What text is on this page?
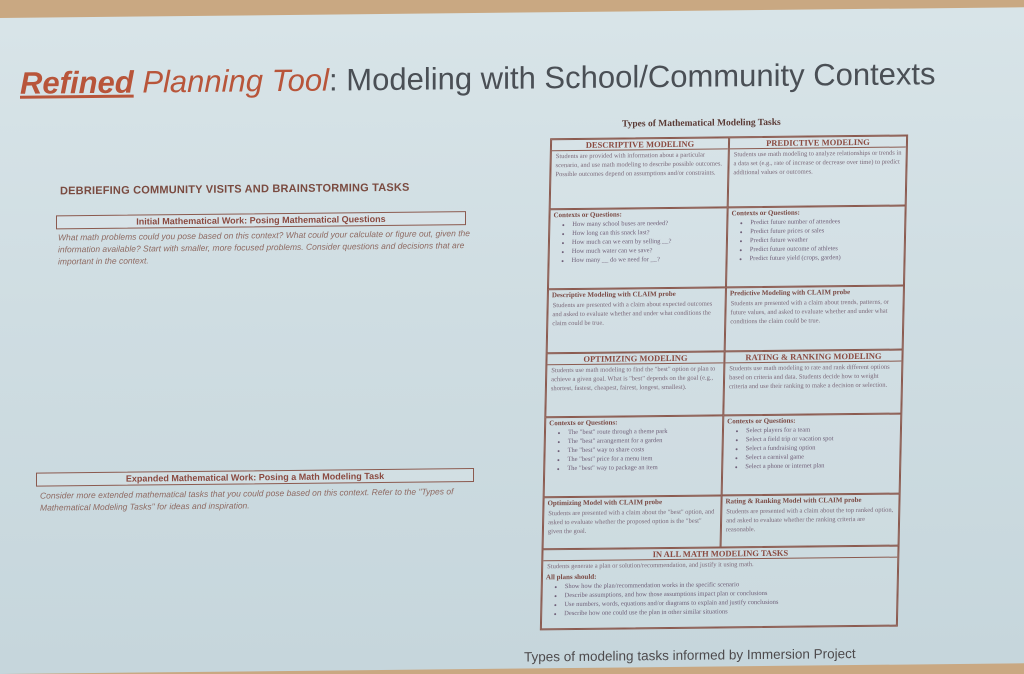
Refined Planning Tool: Modeling with School/Community Contexts
DEBRIEFING COMMUNITY VISITS AND BRAINSTORMING TASKS
Initial Mathematical Work: Posing Mathematical Questions
What math problems could you pose based on this context? What could your calculate or figure out, given the information available? Start with smaller, more focused problems. Consider questions and decisions that are important in the context.
Expanded Mathematical Work: Posing a Math Modeling Task
Consider more extended mathematical tasks that you could pose based on this context. Refer to the "Types of Mathematical Modeling Tasks" for ideas and inspiration.
Types of Mathematical Modeling Tasks
DESCRIPTIVE MODELING
Students are provided with information about a particular scenario, and use math modeling to describe possible outcomes. Possible outcomes depend on assumptions and/or constraints.
PREDICTIVE MODELING
Students use math modeling to analyze relationships or trends in a data set (e.g., rate of increase or decrease over time) to predict additional values or outcomes.
Contexts or Questions:
• How many school buses are needed?
• How long can this snack last?
• How much can we earn by selling __?
• How much water can we save?
• How many __ do we need for __?
Contexts or Questions:
• Predict future number of attendees
• Predict future prices or sales
• Predict future weather
• Predict future outcome of athletes
• Predict future yield (crops, garden)
Descriptive Modeling with CLAIM probe
Students are presented with a claim about expected outcomes and asked to evaluate whether and under what conditions the claim could be true.
Predictive Modeling with CLAIM probe
Students are presented with a claim about trends, patterns, or future values, and asked to evaluate whether and under what conditions the claim could be true.
OPTIMIZING MODELING
Students use math modeling to find the "best" option or plan to achieve a given goal. What is "best" depends on the goal (e.g., shortest, fastest, cheapest, fairest, longest, smallest).
RATING & RANKING MODELING
Students use math modeling to rate and rank different options based on criteria and data. Students decide how to weight criteria and use their ranking to make a decision or selection.
Contexts or Questions:
• The "best" route through a theme park
• The "best" arrangement for a garden
• The "best" way to share costs
• The "best" price for a menu item
• The "best" way to package an item
Contexts or Questions:
• Select players for a team
• Select a field trip or vacation spot
• Select a fundraising option
• Select a carnival game
• Select a phone or internet plan
Optimizing Model with CLAIM probe
Students are presented with a claim about the "best" option, and asked to evaluate whether the proposed option is the "best" given the goal.
Rating & Ranking Model with CLAIM probe
Students are presented with a claim about the top ranked option, and asked to evaluate whether the ranking criteria are reasonable.
IN ALL MATH MODELING TASKS
Students generate a plan or solution/recommendation, and justify it using math.
All plans should:
• Show how the plan/recommendation works in the specific scenario
• Describe assumptions, and how those assumptions impact plan or conclusions
• Use numbers, words, equations and/or diagrams to explain and justify conclusions
• Describe how one could use the plan in other similar situations
Types of modeling tasks informed by Immersion Project
